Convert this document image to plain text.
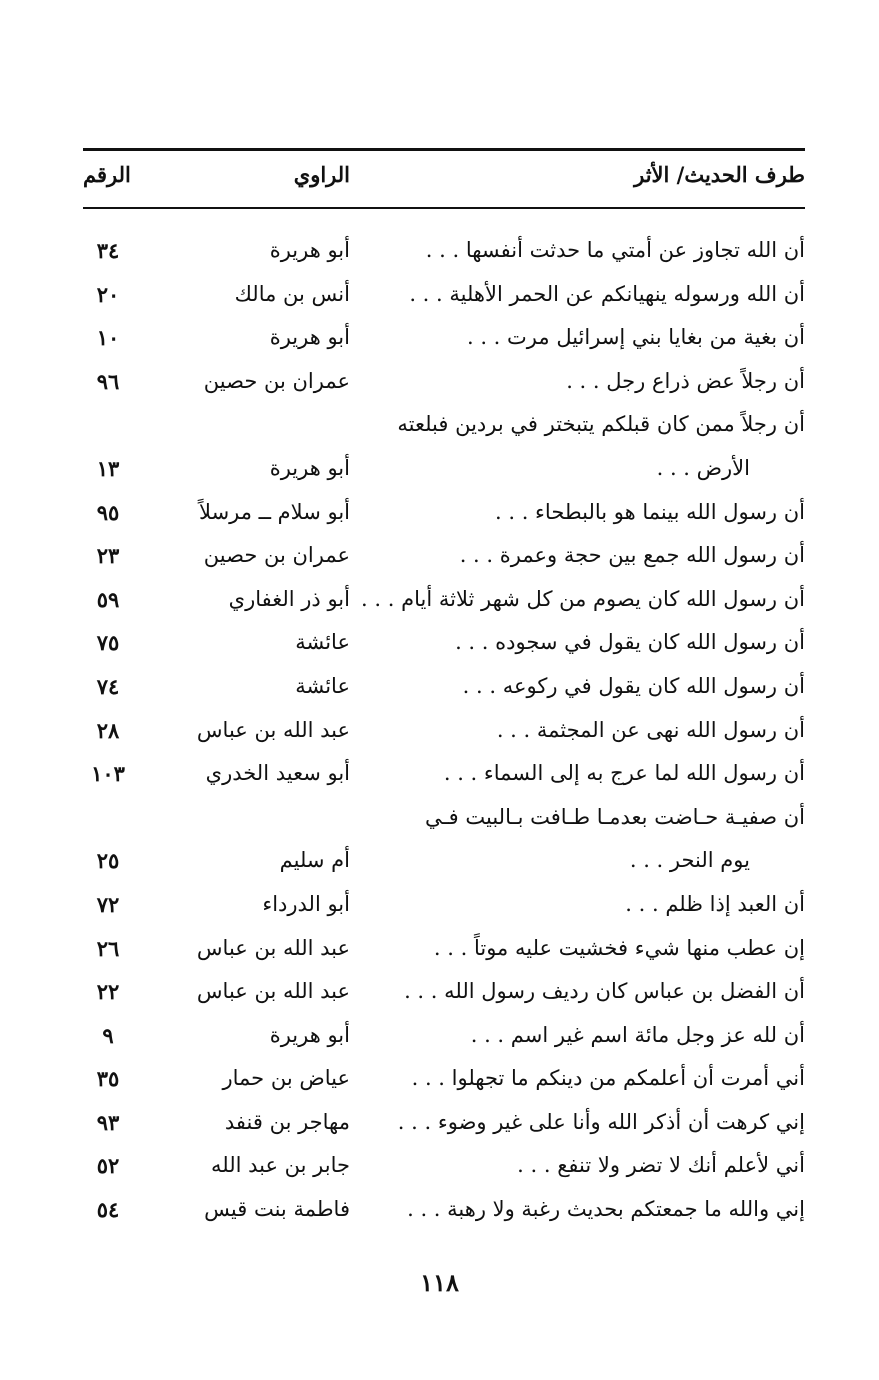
طرف الحديث/ الأثر
الراوي
الرقم
أن الله تجاوز عن أمتي ما حدثت أنفسها . . .
أبو هريرة
٣٤
أن الله ورسوله ينهيانكم عن الحمر الأهلية . . .
أنس بن مالك
٢٠
أن بغية من بغايا بني إسرائيل مرت . . .
أبو هريرة
١٠
أن رجلاً عض ذراع رجل . . .
عمران بن حصين
٩٦
أن رجلاً ممن كان قبلكم يتبختر في بردين فبلعته
الأرض . . .
أبو هريرة
١٣
أن رسول الله بينما هو بالبطحاء . . .
أبو سلام ــ مرسلاً
٩٥
أن رسول الله جمع بين حجة وعمرة . . .
عمران بن حصين
٢٣
أن رسول الله كان يصوم من كل شهر ثلاثة أيام . . .
أبو ذر الغفاري
٥٩
أن رسول الله كان يقول في سجوده . . .
عائشة
٧٥
أن رسول الله كان يقول في ركوعه . . .
عائشة
٧٤
أن رسول الله نهى عن المجثمة . . .
عبد الله بن عباس
٢٨
أن رسول الله لما عرج به إلى السماء . . .
أبو سعيد الخدري
١٠٣
أن صفيـة حـاضت بعدمـا طـافت بـالبيت فـي
يوم النحر . . .
أم سليم
٢٥
أن العبد إذا ظلم . . .
أبو الدرداء
٧٢
إن عطب منها شيء فخشيت عليه موتاً . . .
عبد الله بن عباس
٢٦
أن الفضل بن عباس كان رديف رسول الله . . .
عبد الله بن عباس
٢٢
أن لله عز وجل مائة اسم غير اسم . . .
أبو هريرة
٩
أني أمرت أن أعلمكم من دينكم ما تجهلوا . . .
عياض بن حمار
٣٥
إني كرهت أن أذكر الله وأنا على غير وضوء . . .
مهاجر بن قنفد
٩٣
أني لأعلم أنك لا تضر ولا تنفع . . .
جابر بن عبد الله
٥٢
إني والله ما جمعتكم بحديث رغبة ولا رهبة . . .
فاطمة بنت قيس
٥٤
١١٨
